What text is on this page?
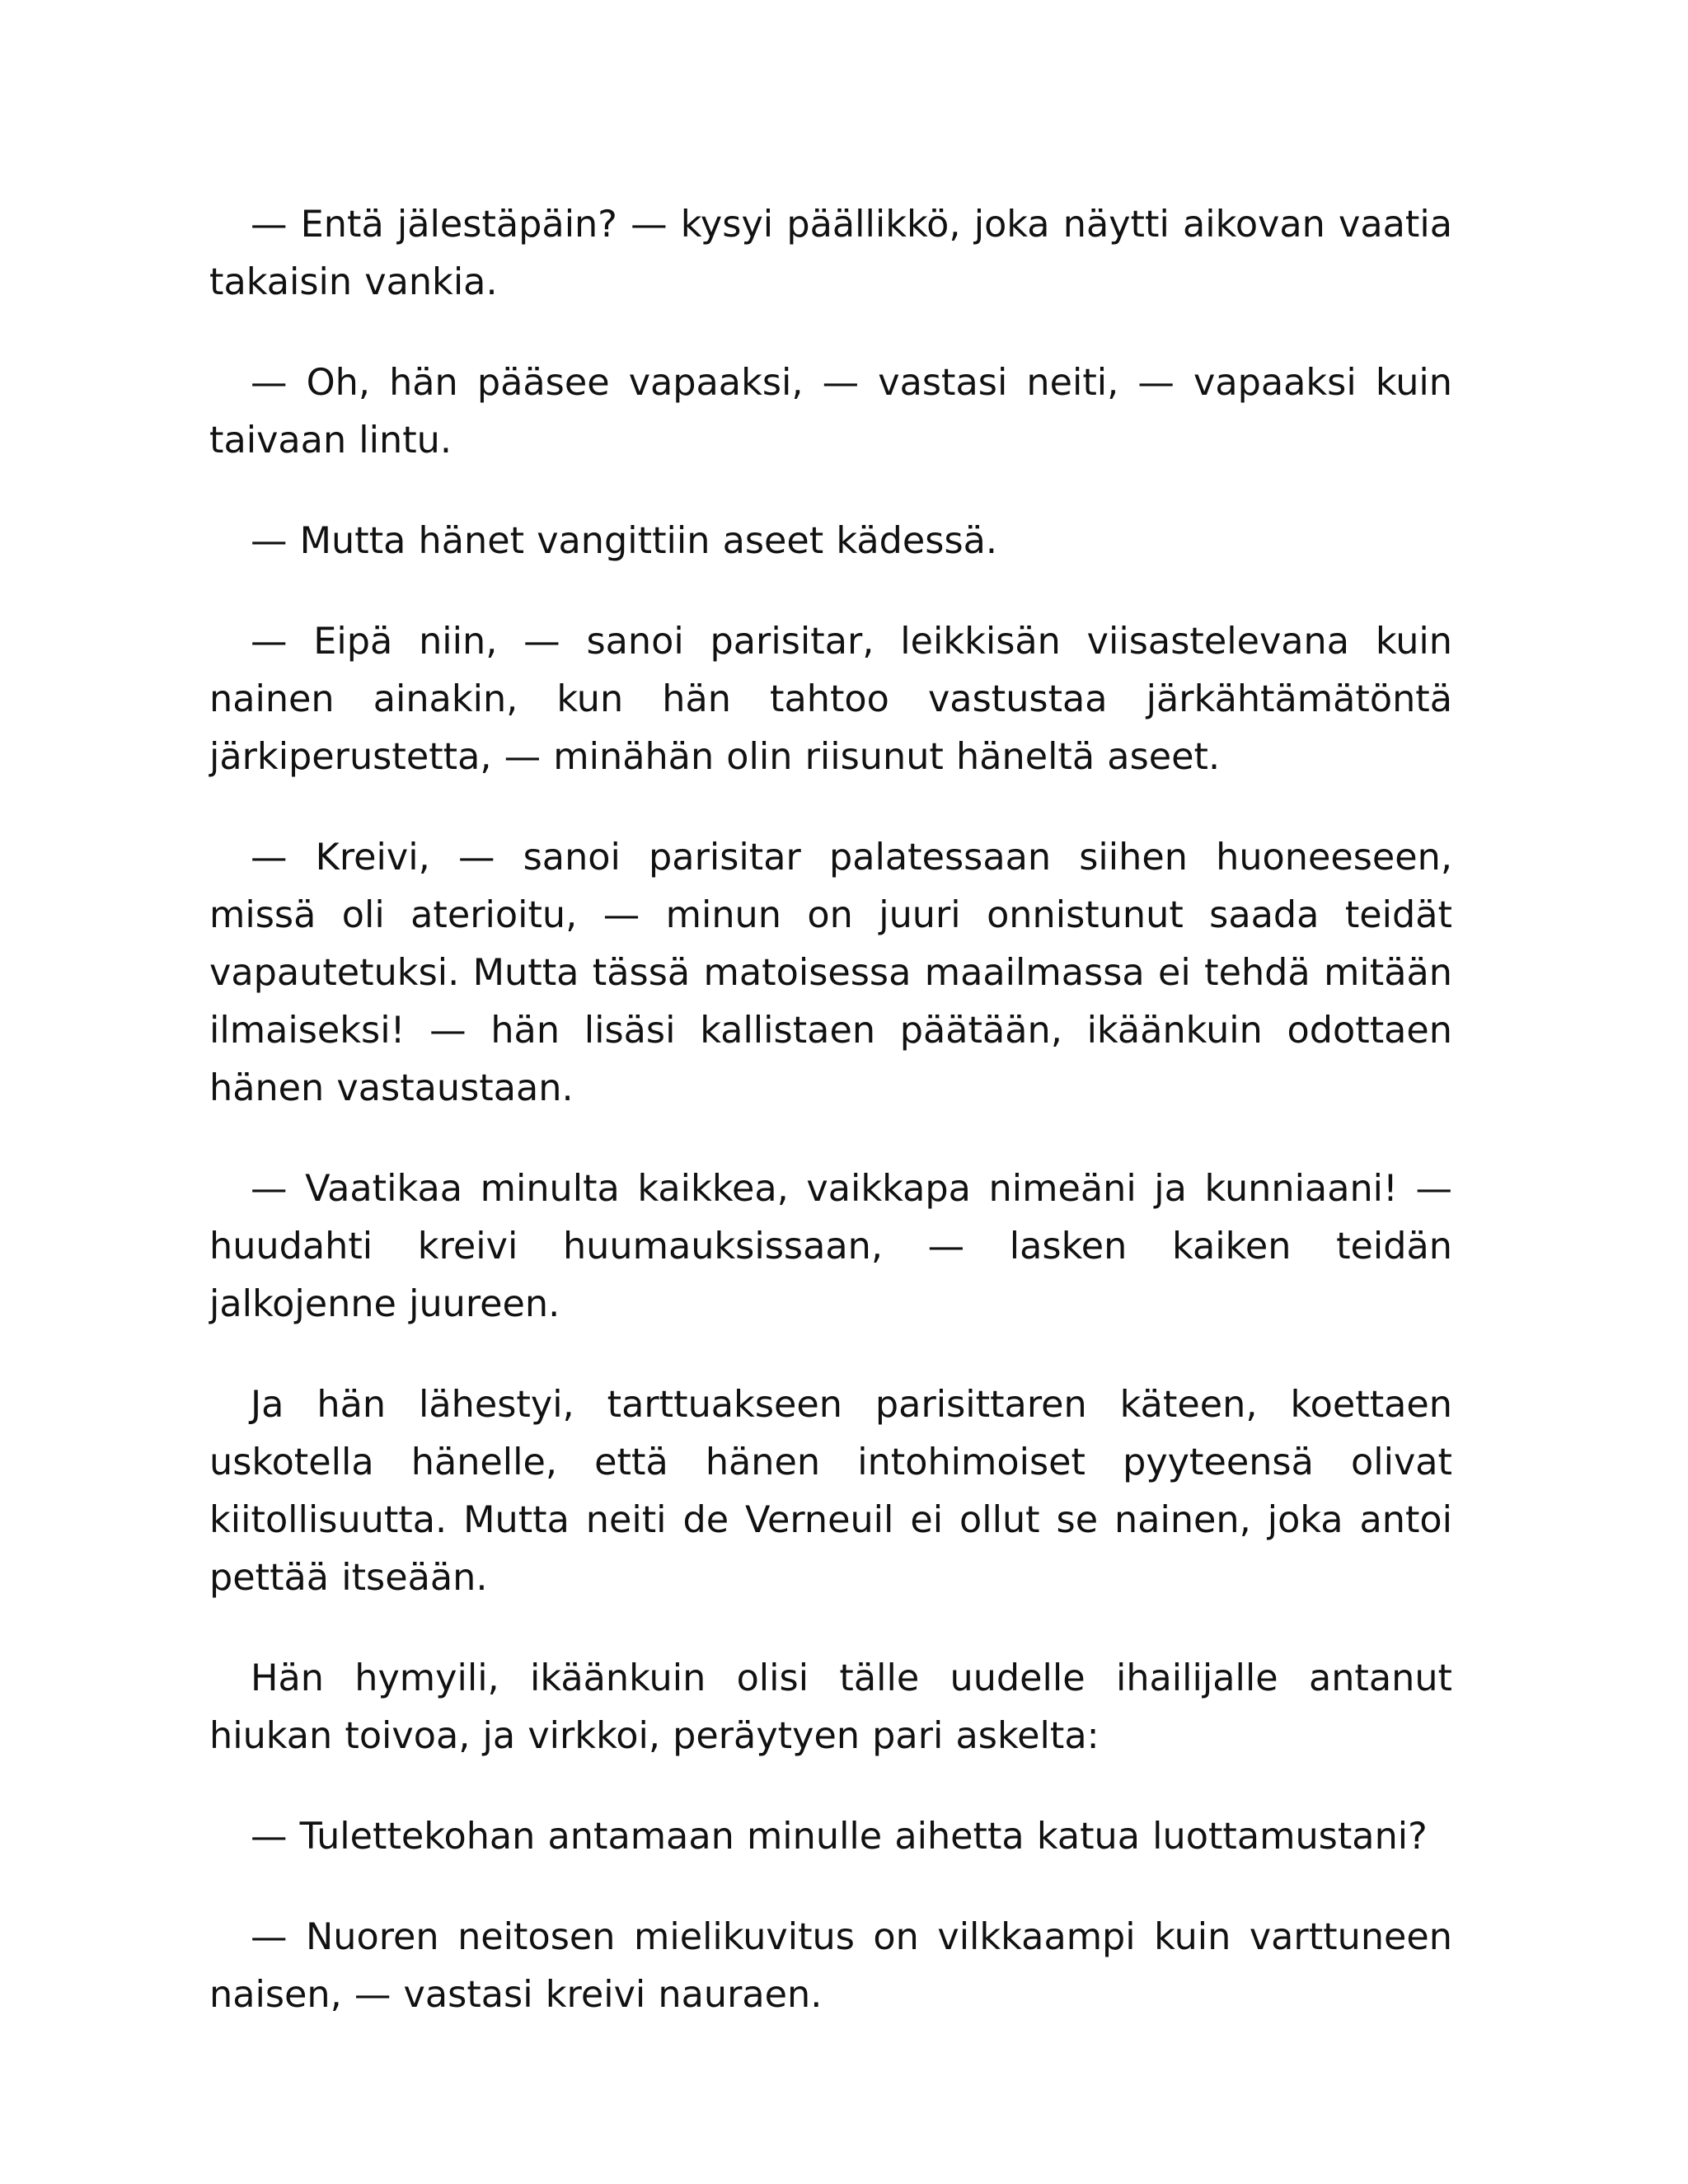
— Entä jälestäpäin? — kysyi päällikkö, joka näytti aikovan vaatia takaisin vankia.

— Oh, hän pääsee vapaaksi, — vastasi neiti, — vapaaksi kuin taivaan lintu.

— Mutta hänet vangittiin aseet kädessä.

— Eipä niin, — sanoi parisitar, leikkisän viisastelevana kuin nainen ainakin, kun hän tahtoo vastustaa järkähtämätöntä järkiperustetta, — minähän olin riisunut häneltä aseet.

— Kreivi, — sanoi parisitar palatessaan siihen huoneeseen, missä oli aterioitu, — minun on juuri onnistunut saada teidät vapautetuksi. Mutta tässä matoisessa maailmassa ei tehdä mitään ilmaiseksi! — hän lisäsi kallistaen päätään, ikäänkuin odottaen hänen vastaustaan.

— Vaatikaa minulta kaikkea, vaikkapa nimeäni ja kunniaani! — huudahti kreivi huumauksissaan, — lasken kaiken teidän jalkojenne juureen.

Ja hän lähestyi, tarttuakseen parisittaren käteen, koettaen uskotella hänelle, että hänen intohimoiset pyyteensä olivat kiitollisuutta. Mutta neiti de Verneuil ei ollut se nainen, joka antoi pettää itseään.

Hän hymyili, ikäänkuin olisi tälle uudelle ihailijalle antanut hiukan toivoa, ja virkkoi, peräytyen pari askelta:

— Tulettekohan antamaan minulle aihetta katua luottamustani?

— Nuoren neitosen mielikuvitus on vilkkaampi kuin varttuneen naisen, — vastasi kreivi nauraen.
